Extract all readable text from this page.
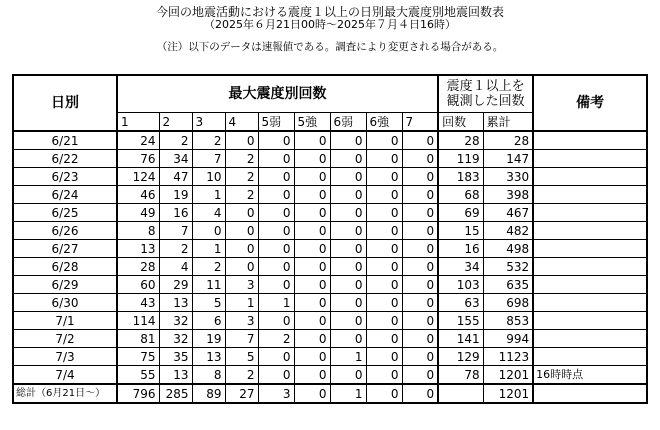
今回の地震活動における震度１以上の日別最大震度別地震回数表
（2025年６月21日00時～2025年７月４日16時）
（注）以下のデータは速報値である。調査により変更される場合がある。
日別	最大震度別回数									震度１以上を観測した回数		備考
	1	2	3	4	5弱	5強	6弱	6強	7	回数	累計	
6/21	24	2	2	0	0	0	0	0	0	28	28	
6/22	76	34	7	2	0	0	0	0	0	119	147	
6/23	124	47	10	2	0	0	0	0	0	183	330	
6/24	46	19	1	2	0	0	0	0	0	68	398	
6/25	49	16	4	0	0	0	0	0	0	69	467	
6/26	8	7	0	0	0	0	0	0	0	15	482	
6/27	13	2	1	0	0	0	0	0	0	16	498	
6/28	28	4	2	0	0	0	0	0	0	34	532	
6/29	60	29	11	3	0	0	0	0	0	103	635	
6/30	43	13	5	1	1	0	0	0	0	63	698	
7/1	114	32	6	3	0	0	0	0	0	155	853	
7/2	81	32	19	7	2	0	0	0	0	141	994	
7/3	75	35	13	5	0	0	1	0	0	129	1123	
7/4	55	13	8	2	0	0	0	0	0	78	1201	16時時点
総計（6月21日～）	796	285	89	27	3	0	1	0	0		1201	
